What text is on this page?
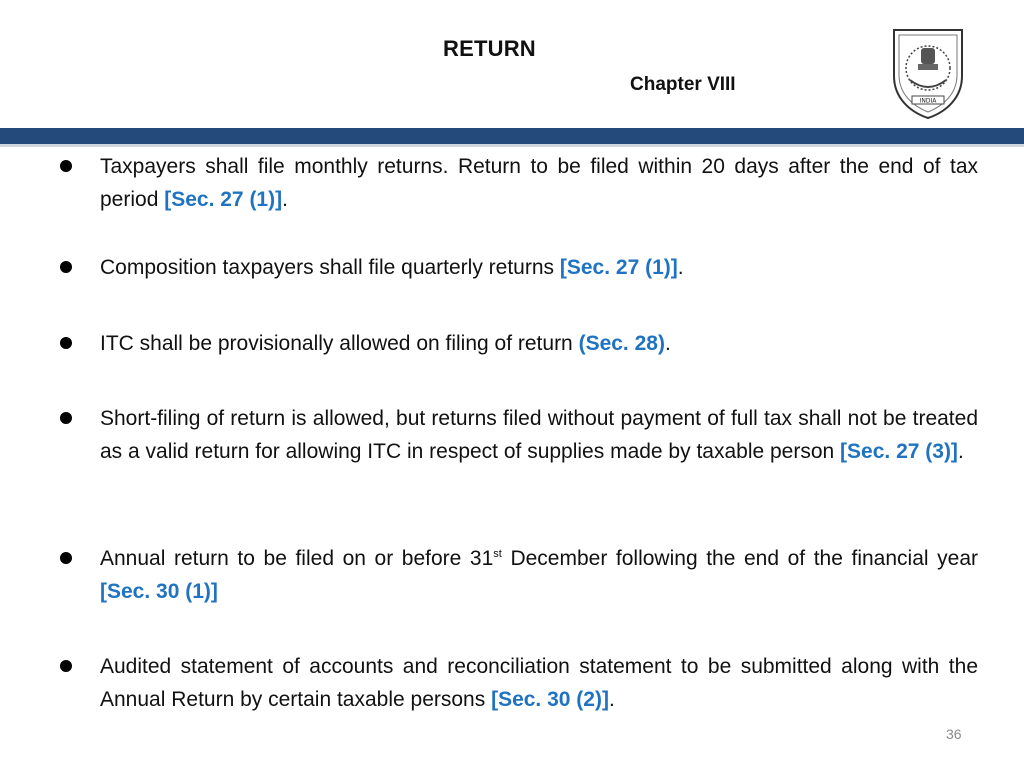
RETURN
Chapter VIII
INDIA
Taxpayers shall file monthly returns. Return to be filed within 20 days after the end of tax period [Sec. 27 (1)].
Composition taxpayers shall file quarterly returns [Sec. 27 (1)].
ITC shall be provisionally allowed on filing of return (Sec. 28).
Short-filing of return is allowed, but returns filed without payment of full tax shall not be treated as a valid return for allowing ITC in respect of supplies made by taxable person [Sec. 27 (3)].
Annual return to be filed on or before 31st December following the end of the financial year [Sec. 30 (1)]
Audited statement of accounts and reconciliation statement to be submitted along with the Annual Return by certain taxable persons [Sec. 30 (2)].
36
